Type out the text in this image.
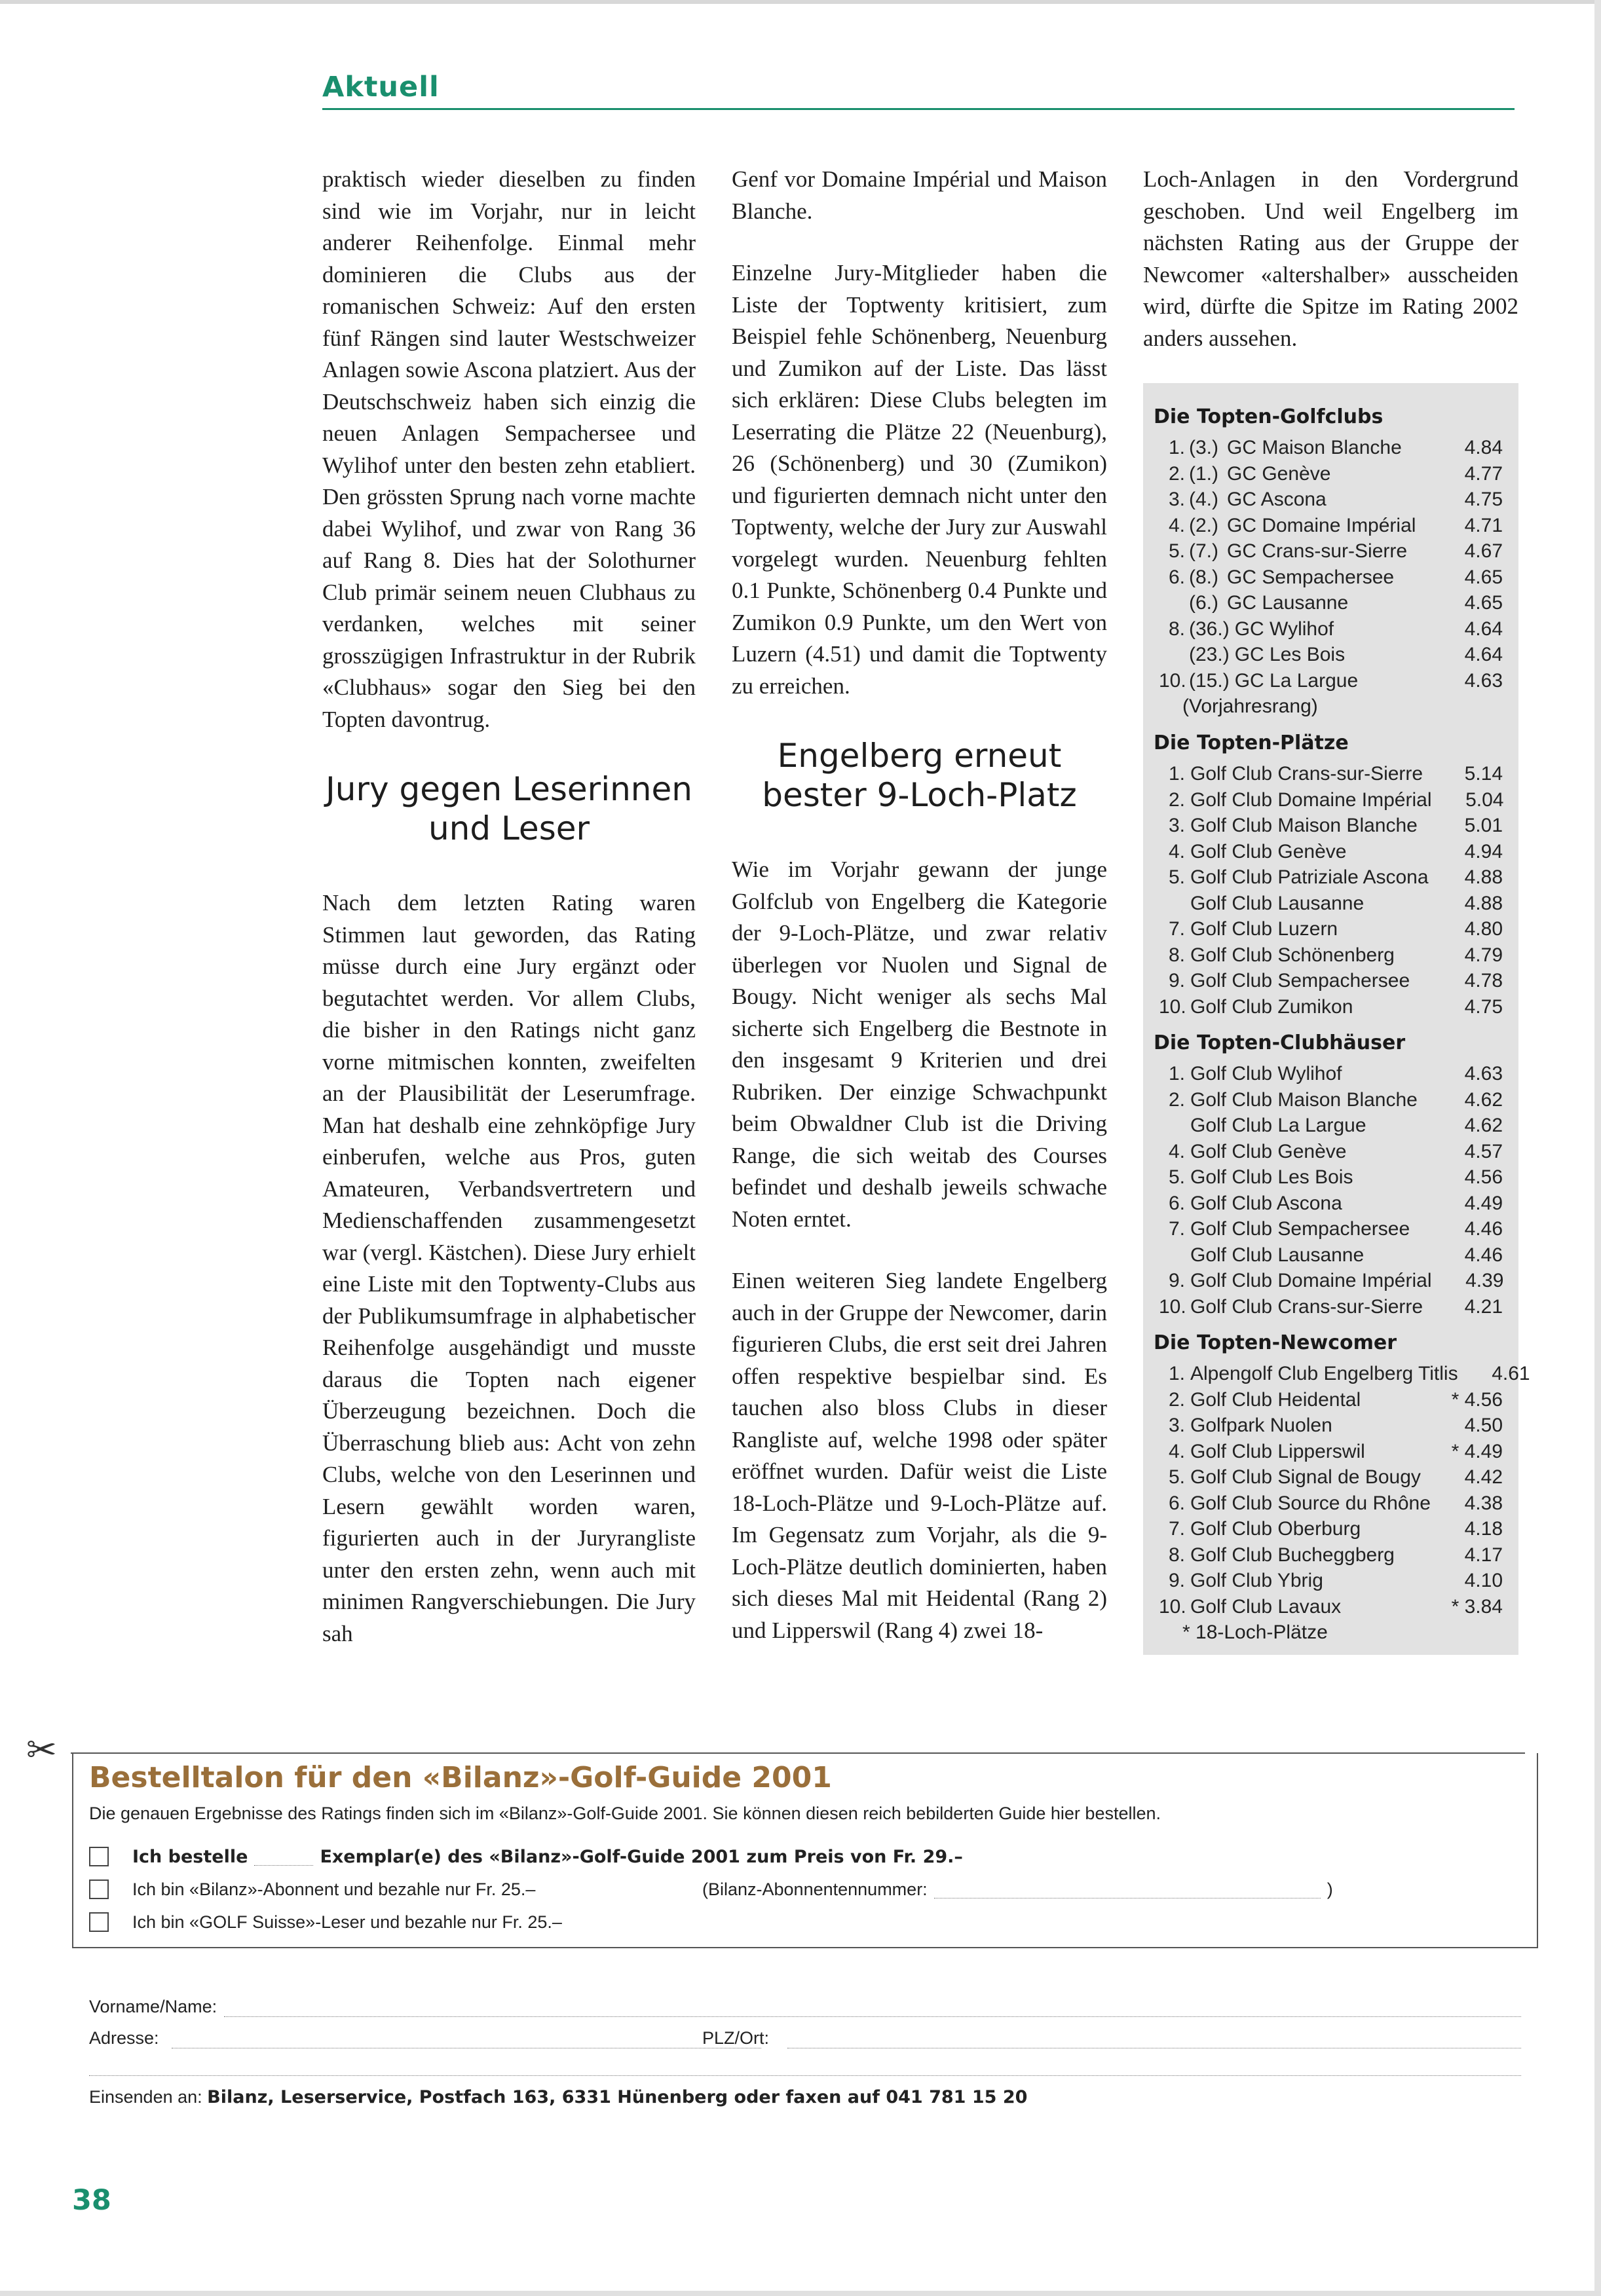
Aktuell

praktisch wieder dieselben zu finden sind wie im Vorjahr, nur in leicht anderer Reihenfolge. Einmal mehr dominieren die Clubs aus der romanischen Schweiz: Auf den ersten fünf Rängen sind lauter Westschweizer Anlagen sowie Ascona platziert. Aus der Deutschschweiz haben sich einzig die neuen Anlagen Sempachersee und Wylihof unter den besten zehn etabliert. Den grössten Sprung nach vorne machte dabei Wylihof, und zwar von Rang 36 auf Rang 8. Dies hat der Solothurner Club primär seinem neuen Clubhaus zu verdanken, welches mit seiner grosszügigen Infrastruktur in der Rubrik «Clubhaus» sogar den Sieg bei den Topten davontrug.

Jury gegen Leserinnen und Leser

Nach dem letzten Rating waren Stimmen laut geworden, das Rating müsse durch eine Jury ergänzt oder begutachtet werden. Vor allem Clubs, die bisher in den Ratings nicht ganz vorne mitmischen konnten, zweifelten an der Plausibilität der Leserumfrage. Man hat deshalb eine zehnköpfige Jury einberufen, welche aus Pros, guten Amateuren, Verbandsvertretern und Medienschaffenden zusammengesetzt war (vergl. Kästchen). Diese Jury erhielt eine Liste mit den Toptwenty-Clubs aus der Publikumsumfrage in alphabetischer Reihenfolge ausgehändigt und musste daraus die Topten nach eigener Überzeugung bezeichnen. Doch die Überraschung blieb aus: Acht von zehn Clubs, welche von den Leserinnen und Lesern gewählt worden waren, figurierten auch in der Juryrangliste unter den ersten zehn, wenn auch mit minimen Rangverschiebungen. Die Jury sah

Genf vor Domaine Impérial und Maison Blanche.

Einzelne Jury-Mitglieder haben die Liste der Toptwenty kritisiert, zum Beispiel fehle Schönenberg, Neuenburg und Zumikon auf der Liste. Das lässt sich erklären: Diese Clubs belegten im Leserrating die Plätze 22 (Neuenburg), 26 (Schönenberg) und 30 (Zumikon) und figurierten demnach nicht unter den Toptwenty, welche der Jury zur Auswahl vorgelegt wurden. Neuenburg fehlten 0.1 Punkte, Schönenberg 0.4 Punkte und Zumikon 0.9 Punkte, um den Wert von Luzern (4.51) und damit die Toptwenty zu erreichen.

Engelberg erneut bester 9-Loch-Platz

Wie im Vorjahr gewann der junge Golfclub von Engelberg die Kategorie der 9-Loch-Plätze, und zwar relativ überlegen vor Nuolen und Signal de Bougy. Nicht weniger als sechs Mal sicherte sich Engelberg die Bestnote in den insgesamt 9 Kriterien und drei Rubriken. Der einzige Schwachpunkt beim Obwaldner Club ist die Driving Range, die sich weitab des Courses befindet und deshalb jeweils schwache Noten erntet.

Einen weiteren Sieg landete Engelberg auch in der Gruppe der Newcomer, darin figurieren Clubs, die erst seit drei Jahren offen respektive bespielbar sind. Es tauchen also bloss Clubs in dieser Rangliste auf, welche 1998 oder später eröffnet wurden. Dafür weist die Liste 18-Loch-Plätze und 9-Loch-Plätze auf. Im Gegensatz zum Vorjahr, als die 9-Loch-Plätze deutlich dominierten, haben sich dieses Mal mit Heidental (Rang 2) und Lipperswil (Rang 4) zwei 18-

Loch-Anlagen in den Vordergrund geschoben. Und weil Engelberg im nächsten Rating aus der Gruppe der Newcomer «altershalber» ausscheiden wird, dürfte die Spitze im Rating 2002 anders aussehen.

Die Topten-Golfclubs
1. (3.) GC Maison Blanche	4.84
2. (1.) GC Genève	4.77
3. (4.) GC Ascona	4.75
4. (2.) GC Domaine Impérial	4.71
5. (7.) GC Crans-sur-Sierre	4.67
6. (8.) GC Sempachersee	4.65
(6.) GC Lausanne	4.65
8. (36.) GC Wylihof	4.64
(23.) GC Les Bois	4.64
10. (15.) GC La Largue	4.63
(Vorjahresrang)
Die Topten-Plätze
1. Golf Club Crans-sur-Sierre	5.14
2. Golf Club Domaine Impérial	5.04
3. Golf Club Maison Blanche	5.01
4. Golf Club Genève	4.94
5. Golf Club Patriziale Ascona	4.88
Golf Club Lausanne	4.88
7. Golf Club Luzern	4.80
8. Golf Club Schönenberg	4.79
9. Golf Club Sempachersee	4.78
10. Golf Club Zumikon	4.75
Die Topten-Clubhäuser
1. Golf Club Wylihof	4.63
2. Golf Club Maison Blanche	4.62
Golf Club La Largue	4.62
4. Golf Club Genève	4.57
5. Golf Club Les Bois	4.56
6. Golf Club Ascona	4.49
7. Golf Club Sempachersee	4.46
Golf Club Lausanne	4.46
9. Golf Club Domaine Impérial	4.39
10. Golf Club Crans-sur-Sierre	4.21
Die Topten-Newcomer
1. Alpengolf Club Engelberg Titlis	4.61
2. Golf Club Heidental	* 4.56
3. Golfpark Nuolen	4.50
4. Golf Club Lipperswil	* 4.49
5. Golf Club Signal de Bougy	4.42
6. Golf Club Source du Rhône	4.38
7. Golf Club Oberburg	4.18
8. Golf Club Bucheggberg	4.17
9. Golf Club Ybrig	4.10
10. Golf Club Lavaux	* 3.84
* 18-Loch-Plätze
✂
Bestelltalon für den «Bilanz»-Golf-Guide 2001
Die genauen Ergebnisse des Ratings finden sich im «Bilanz»-Golf-Guide 2001. Sie können diesen reich bebilderten Guide hier bestellen.
Ich bestelle	Exemplar(e) des «Bilanz»-Golf-Guide 2001 zum Preis von Fr. 29.–
Ich bin «Bilanz»-Abonnent und bezahle nur Fr. 25.–	(Bilanz-Abonnentennummer:	)
Ich bin «GOLF Suisse»-Leser und bezahle nur Fr. 25.–
Vorname/Name:
Adresse:	PLZ/Ort:
Einsenden an: Bilanz, Leserservice, Postfach 163, 6331 Hünenberg oder faxen auf 041 781 15 20
38
